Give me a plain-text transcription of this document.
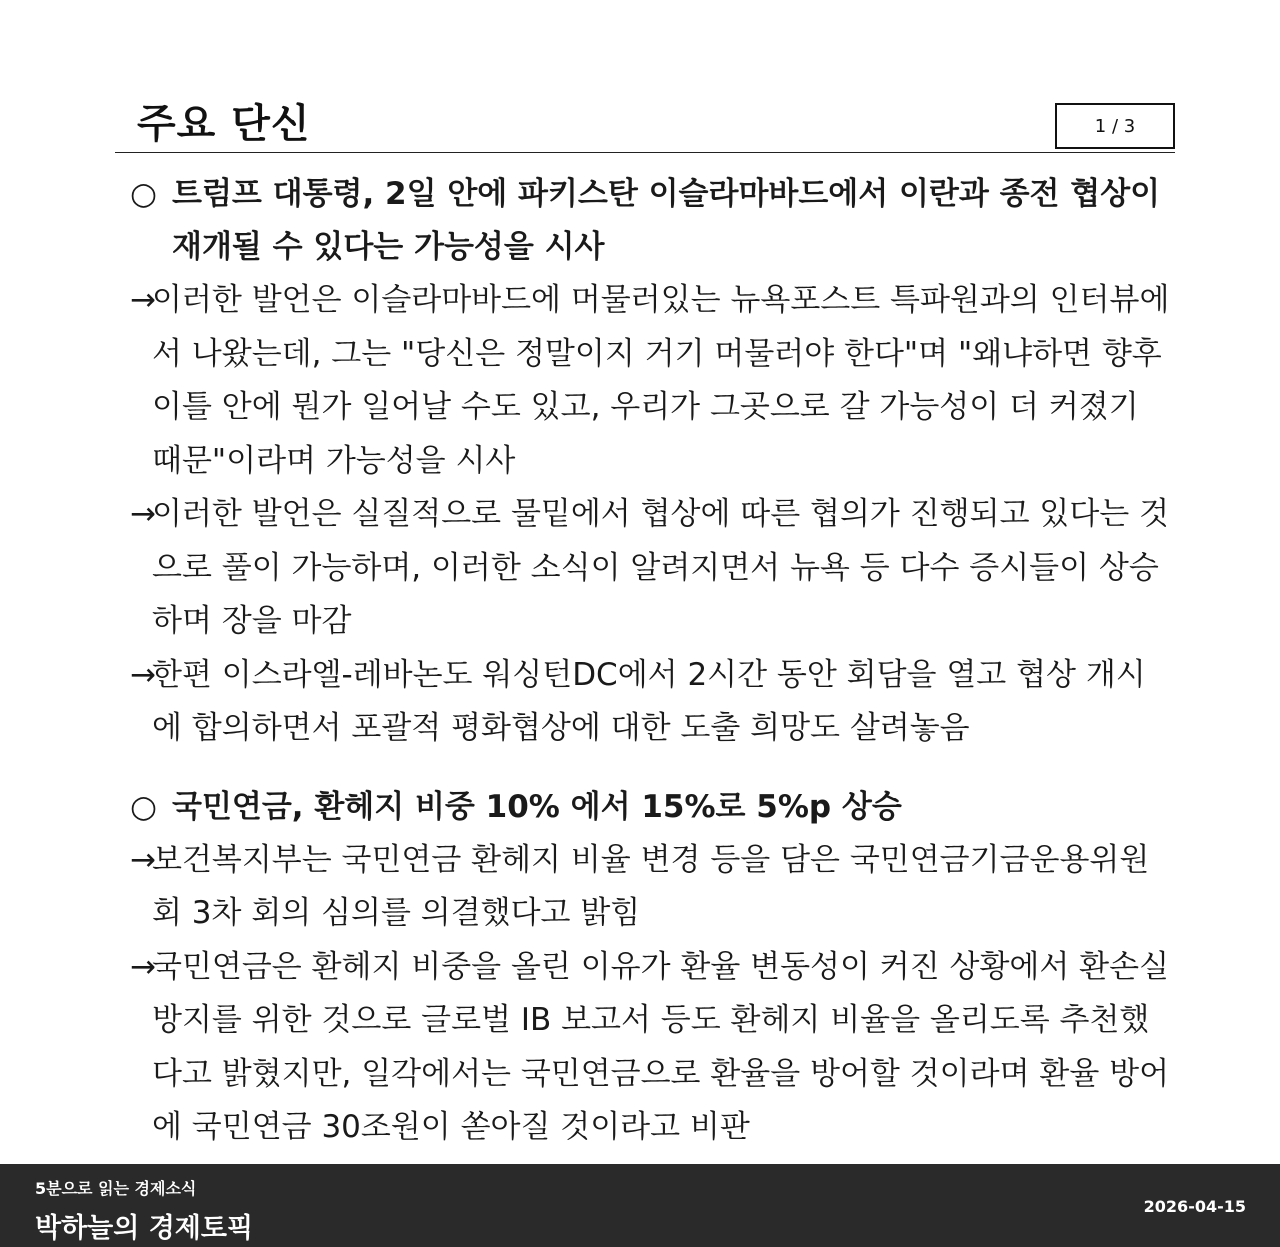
주요 단신	1 / 3

○ 트럼프 대통령, 2일 안에 파키스탄 이슬라마바드에서 이란과 종전 협상이 재개될 수 있다는 가능성을 시사

→
이러한 발언은 이슬라마바드에 머물러있는 뉴욕포스트 특파원과의 인터뷰에서 나왔는데, 그는 "당신은 정말이지 거기 머물러야 한다"며 "왜냐하면 향후 이틀 안에 뭔가 일어날 수도 있고, 우리가 그곳으로 갈 가능성이 더 커졌기 때문"이라며 가능성을 시사

→
이러한 발언은 실질적으로 물밑에서 협상에 따른 협의가 진행되고 있다는 것으로 풀이 가능하며, 이러한 소식이 알려지면서 뉴욕 등 다수 증시들이 상승하며 장을 마감

→
한편 이스라엘-레바논도 워싱턴DC에서 2시간 동안 회담을 열고 협상 개시에 합의하면서 포괄적 평화협상에 대한 도출 희망도 살려놓음

○ 국민연금, 환헤지 비중 10% 에서 15%로 5%p 상승

→
보건복지부는 국민연금 환헤지 비율 변경 등을 담은 국민연금기금운용위원회 3차 회의 심의를 의결했다고 밝힘

→
국민연금은 환헤지 비중을 올린 이유가 환율 변동성이 커진 상황에서 환손실 방지를 위한 것으로 글로벌 IB 보고서 등도 환헤지 비율을 올리도록 추천했다고 밝혔지만, 일각에서는 국민연금으로 환율을 방어할 것이라며 환율 방어에 국민연금 30조원이 쏟아질 것이라고 비판

5분으로 읽는 경제소식
박하늘의 경제토픽
2026-04-15
